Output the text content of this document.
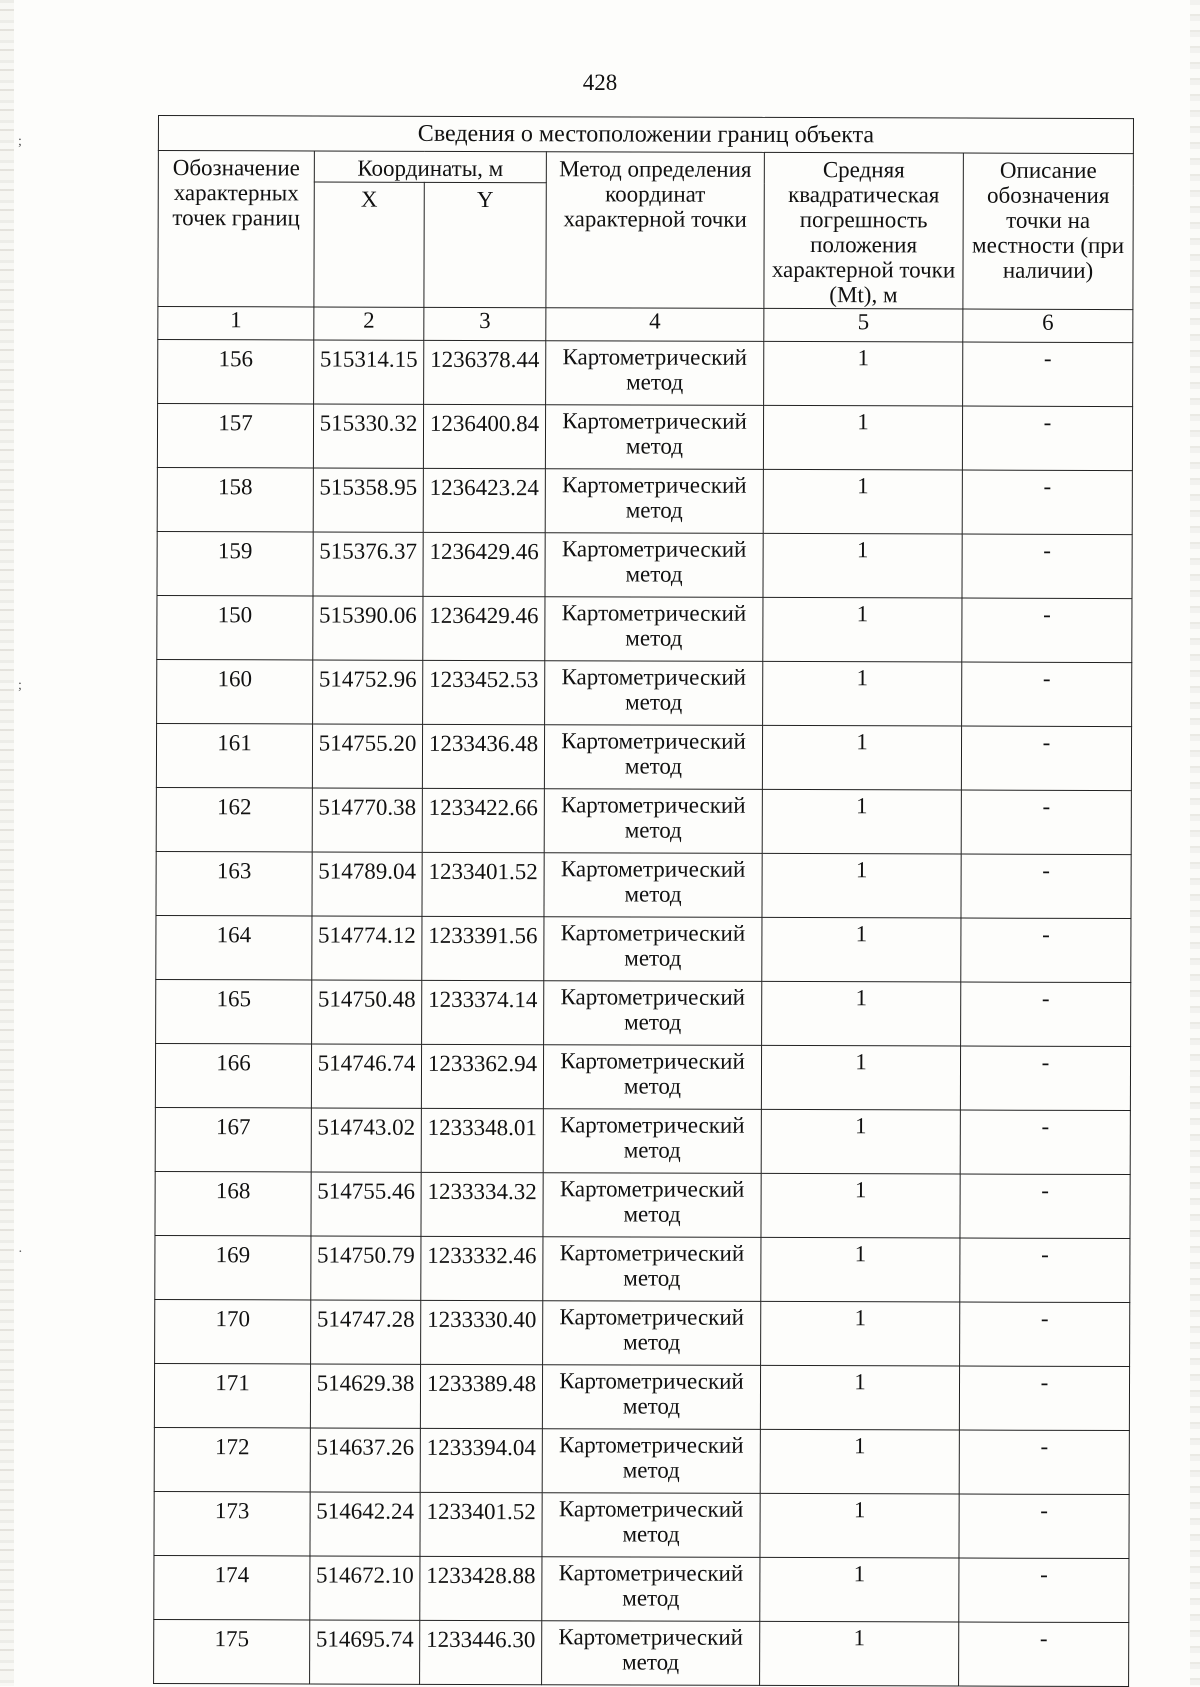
;
;
·
428
Сведения о местоположении границ объекта					
Обозначение характерных точек границ	Координаты, м		Метод определения координат характерной точки	Средняя квадратическая погрешность положения характерной точки (Mt), м	Описание обозначения точки на местности (при наличии)
	X	Y			
1	2	3	4	5	6
156	515314.15	1236378.44	Картометрический метод	1	-
157	515330.32	1236400.84	Картометрический метод	1	-
158	515358.95	1236423.24	Картометрический метод	1	-
159	515376.37	1236429.46	Картометрический метод	1	-
150	515390.06	1236429.46	Картометрический метод	1	-
160	514752.96	1233452.53	Картометрический метод	1	-
161	514755.20	1233436.48	Картометрический метод	1	-
162	514770.38	1233422.66	Картометрический метод	1	-
163	514789.04	1233401.52	Картометрический метод	1	-
164	514774.12	1233391.56	Картометрический метод	1	-
165	514750.48	1233374.14	Картометрический метод	1	-
166	514746.74	1233362.94	Картометрический метод	1	-
167	514743.02	1233348.01	Картометрический метод	1	-
168	514755.46	1233334.32	Картометрический метод	1	-
169	514750.79	1233332.46	Картометрический метод	1	-
170	514747.28	1233330.40	Картометрический метод	1	-
171	514629.38	1233389.48	Картометрический метод	1	-
172	514637.26	1233394.04	Картометрический метод	1	-
173	514642.24	1233401.52	Картометрический метод	1	-
174	514672.10	1233428.88	Картометрический метод	1	-
175	514695.74	1233446.30	Картометрический метод	1	-
